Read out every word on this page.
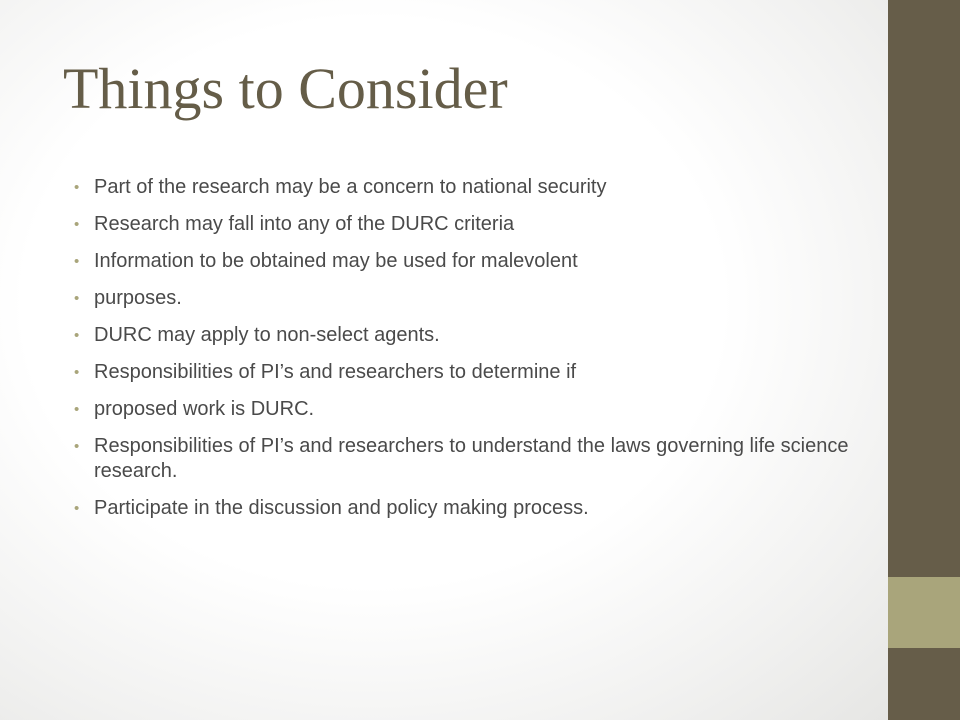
Things to Consider
• Part of the research may be a concern to national security
• Research may fall into any of the DURC criteria
• Information to be obtained may be used for malevolent
• purposes.
• DURC may apply to non-select agents.
• Responsibilities of PI’s and researchers to determine if
• proposed work is DURC.
• Responsibilities of PI’s and researchers to understand the laws governing life science research.
• Participate in the discussion and policy making process.
